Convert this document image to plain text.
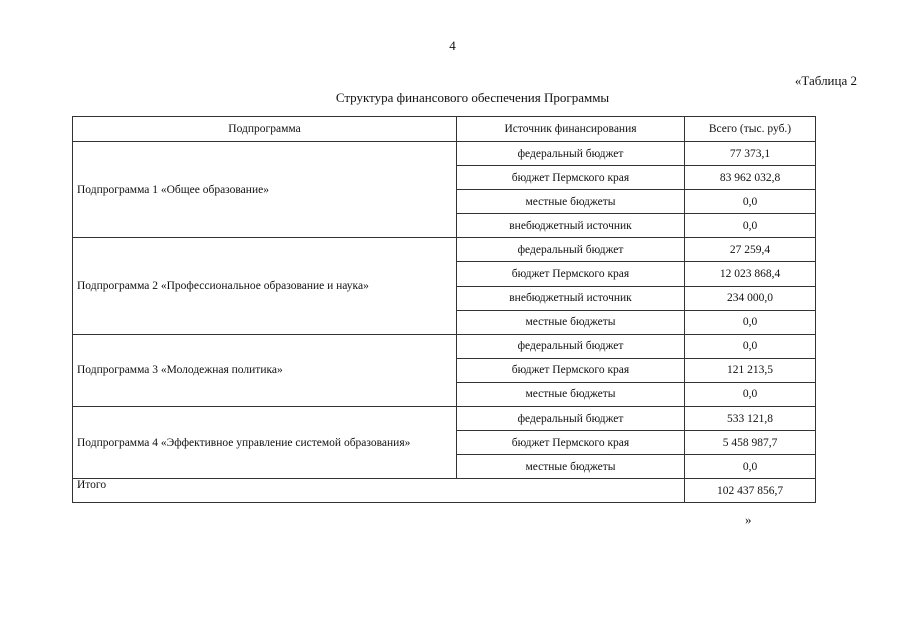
4
«Таблица 2
Структура финансового обеспечения Программы
Подпрограмма	Источник финансирования	Всего (тыс. руб.)
Подпрограмма 1 «Общее образование»	федеральный бюджет	77 373,1
	бюджет Пермского края	83 962 032,8
	местные бюджеты	0,0
	внебюджетный источник	0,0
Подпрограмма 2 «Профессиональное образование и наука»	федеральный бюджет	27 259,4
	бюджет Пермского края	12 023 868,4
	внебюджетный источник	234 000,0
	местные бюджеты	0,0
Подпрограмма 3 «Молодежная политика»	федеральный бюджет	0,0
	бюджет Пермского края	121 213,5
	местные бюджеты	0,0
Подпрограмма 4 «Эффективное управление системой образования»	федеральный бюджет	533 121,8
	бюджет Пермского края	5 458 987,7
	местные бюджеты	0,0
Итого		102 437 856,7
»
